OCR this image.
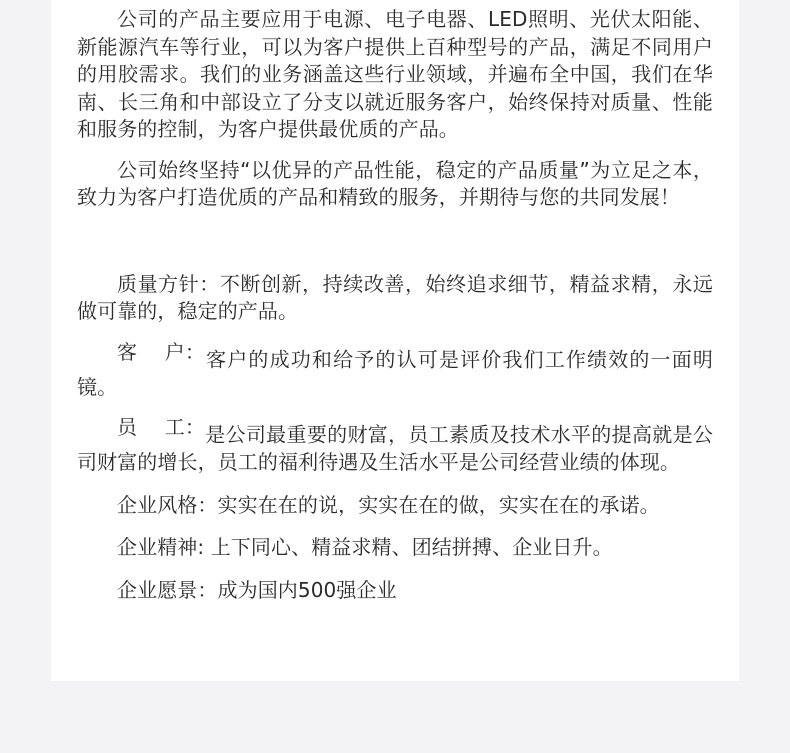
公司的产品主要应用于电源、电子电器、LED照明、光伏太阳能、新能源汽车等行业，可以为客户提供上百种型号的产品，满足不同用户的用胶需求。我们的业务涵盖这些行业领域，并遍布全中国，我们在华南、长三角和中部设立了分支以就近服务客户，始终保持对质量、性能和服务的控制，为客户提供最优质的产品。

公司始终坚持“以优异的产品性能，稳定的产品质量”为立足之本，致力为客户打造优质的产品和精致的服务，并期待与您的共同发展！

质量方针：不断创新，持续改善，始终追求细节，精益求精，永远做可靠的，稳定的产品。

客 户： 客户的成功和给予的认可是评价我们工作绩效的一面明镜。

员 工： 是公司最重要的财富，员工素质及技术水平的提高就是公司财富的增长，员工的福利待遇及生活水平是公司经营业绩的体现。

企业风格：实实在在的说，实实在在的做，实实在在的承诺。

企业精神: 上下同心、精益求精、团结拼搏、企业日升。

企业愿景：成为国内500强企业
